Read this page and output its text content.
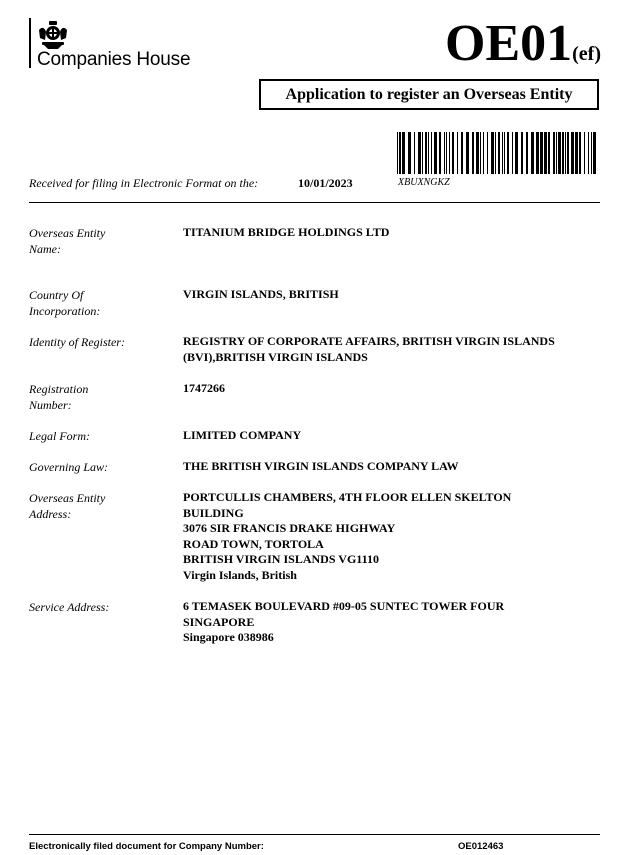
Companies House	OE01(ef)
Application to register an Overseas Entity
XBUXNGKZ
Received for filing in Electronic Format on the:	10/01/2023
Overseas Entity Name:
TITANIUM BRIDGE HOLDINGS LTD
Country Of Incorporation:
VIRGIN ISLANDS, BRITISH
Identity of Register:	REGISTRY OF CORPORATE AFFAIRS, BRITISH VIRGIN ISLANDS (BVI),BRITISH VIRGIN ISLANDS
Registration Number:
1747266
Legal Form:	LIMITED COMPANY
Governing Law:	THE BRITISH VIRGIN ISLANDS COMPANY LAW
Overseas Entity Address:
PORTCULLIS CHAMBERS, 4TH FLOOR ELLEN SKELTON BUILDING
3076 SIR FRANCIS DRAKE HIGHWAY
ROAD TOWN, TORTOLA
BRITISH VIRGIN ISLANDS VG1110
Virgin Islands, British
Service Address:	6 TEMASEK BOULEVARD #09-05 SUNTEC TOWER FOUR SINGAPORE
Singapore 038986
Electronically filed document for Company Number:	OE012463
